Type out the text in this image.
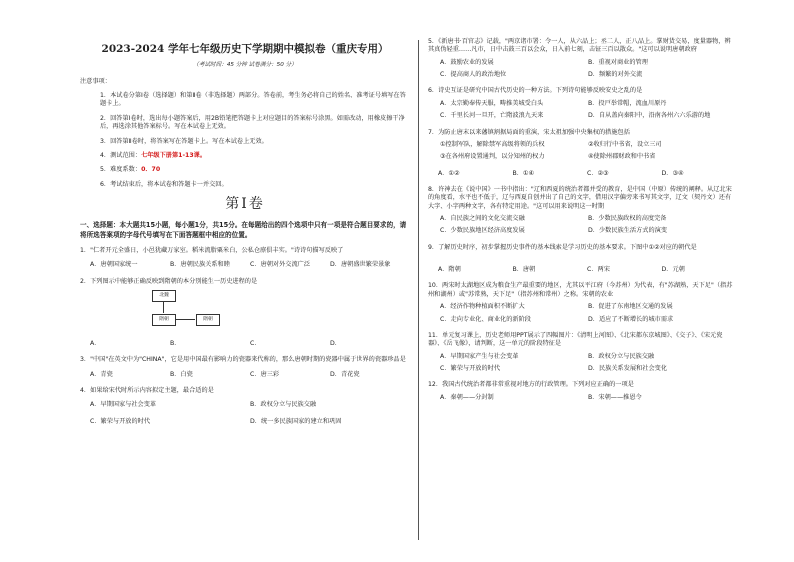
2023-2024 学年七年级历史下学期期中模拟卷（重庆专用）
（考试时间：45 分钟 试卷满分：50 分）
注意事项：

1．本试卷分第Ⅰ卷（选择题）和第Ⅱ卷（非选择题）两部分。答卷前，考生务必将自己的姓名、准考证号填写在答题卡上。

2．回答第Ⅰ卷时，选出每小题答案后，用2B铅笔把答题卡上对应题目的答案标号涂黑。如需改动，用橡皮擦干净后，再选涂其他答案标号。写在本试卷上无效。

3．回答第Ⅱ卷时，将答案写在答题卡上。写在本试卷上无效。

4．测试范围：七年级下册第1-13课。

5．难度系数：0．70

6．考试结束后，将本试卷和答题卡一并交回。

第Ⅰ卷
一、选择题：本大题共15小题，每小题1分，共15分。在每题给出的四个选项中只有一项是符合题目要求的，请将所选答案项的字母代号填写在下面答题框中相应的位置。
1．"仁者开元全盛日，小邑犹藏万家室。稻米流脂粟米白，公私仓廪俱丰实。"诗诗句描写反映了
A．唐朝国家统一	B．唐朝民族关系和睦	C．唐朝对外交流广泛	D．唐朝盛世繁荣景象
2．下列图示中能够正确反映到隋朝的本分别能生一历史进程的是
北魏
隋朝	隋朝
A．	B．	C．	D．
3．"中国"在英文中为"CHINA"，它是用中国最有影响力的瓷器来代称的，那么唐朝时期的瓷器中属于世界的瓷器珍品是
A．青瓷	B．白瓷	C．唐三彩	D．青花瓷
4．如果给宋代时所示内容拟定主题，最合适的是
A．早期国家与社会变革	B．政权分立与民族交融
C．繁荣与开放的时代	D．统一多民族国家的建立和巩固
5．《新唐书·百官志》记载，"两京诸市署：令一人，从六品上；丞二人，正八品上。掌财货交易，度量器物，辨其真伪轻重……凡市，日中击鼓三百以会众，日入前七刻，击钲三百以散众。"这可以说明唐朝政府
A．鼓励农业的发展	B．重视对商业的管理
C．提高商人的政治地位	D．频繁的对外交流
6．诗史互证是研究中国古代历史的一种方法。下列诗句能够反映安史之乱的是
A．太宗勤奉传天服，畴推美城受白头	B．投戸举常帽，流血川原丹
C．千里长河一旦开，亡隋波浪九天来	D．自从盖向秦阳中，沿南各州六六乐游的地
7．为防止唐末以来藩镇割据局面的重演，宋太祖加强中央集权的措施包括
①控制军队，解除禁军高级将领的兵权	②收归行中书省，设立三司
③在各州府设置通判，以分知州的权力	④使除州郡财政和中书省
A．①②	B．①④	C．②③	D．③④
8．许神去在《说中国》一书中指出："辽和西夏的统治者都并受的教育，是中国（中原）传统的阐释。从辽北宋的角度看，水平也不低于，辽与西夏自创并出了自己的文字，借用汉字偏旁来书写其文字，辽文（契丹文）还有大字、小字两种文字，各有特定用途。"这可以用来说明这一时期
A．自民族之间的文化交流交融	B．少数民族政权的高度完备
C．少数民族地区经济高度发展	D．少数民族生活方式的演变
9．了解历史时序，初步掌握历史事件的基本线索是学习历史的基本要求。下图中①②对应的朝代是
A．隋朝	B．唐朝	C．两宋	D．元朝
10．两宋时太湖地区成为粮食生产最重要的地区，尤其以平江府（今苏州）为代表，有"苏湖熟，天下足"（指苏州和湖州）或"苏常熟，天下足"（指苏州和常州）之称。宋朝的农业
A．经济作物种植面积不断扩大	B．促进了东南地区交通的发展
C．走向专业化、商业化的新阶段	D．适应了不断增长的城市需求
11．单元复习课上，历史老师用PPT展示了四幅图片：《清明上河图》、《北宋都东京城图》、《交子》、《宋元瓷器》、《岳飞像》，请判断，这一单元的阶段特征是
A．早期国家产生与社会变革	B．政权分立与民族交融
C．繁荣与开放的时代	D．民族关系发展和社会变化
12．我国古代统治者都非常重视对地方的行政管理。下列对应正确的一项是
A．秦朝——分封制	B．宋朝——推恩令
